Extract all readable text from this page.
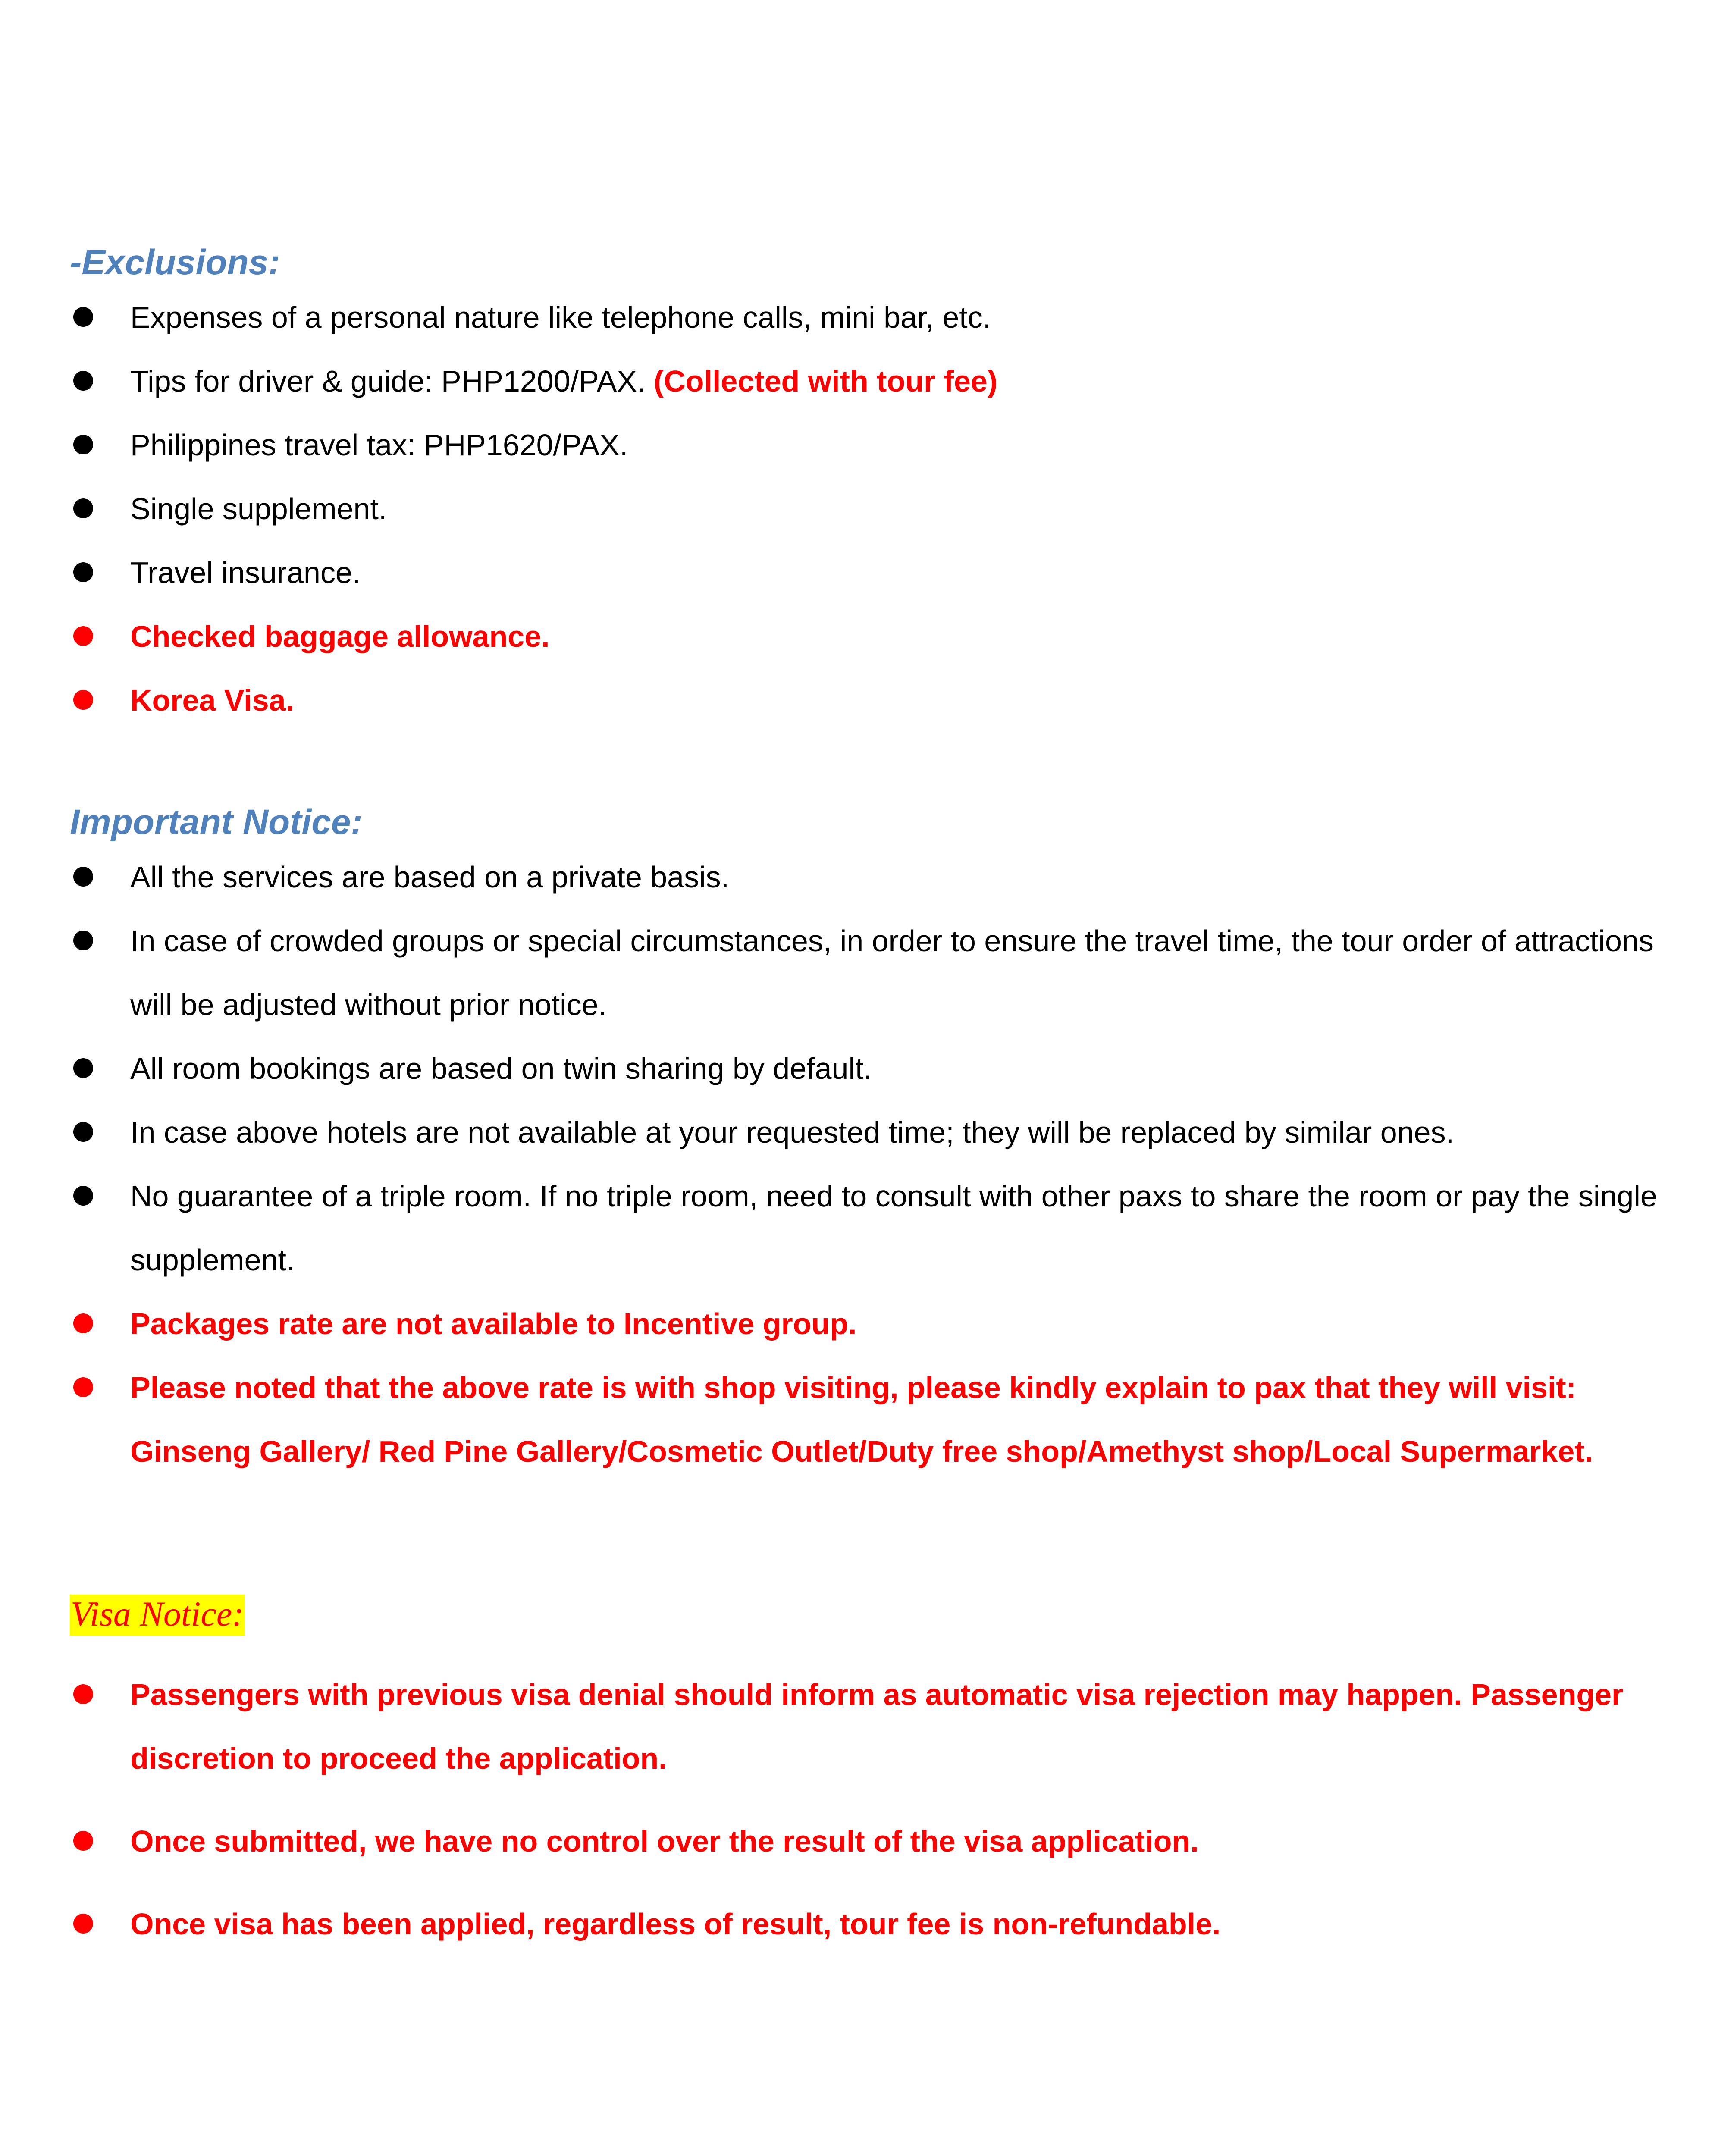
-Exclusions:
Expenses of a personal nature like telephone calls, mini bar, etc.
Tips for driver & guide: PHP1200/PAX. (Collected with tour fee)
Philippines travel tax: PHP1620/PAX.
Single supplement.
Travel insurance.
Checked baggage allowance.
Korea Visa.
Important Notice:
All the services are based on a private basis.
In case of crowded groups or special circumstances, in order to ensure the travel time, the tour order of attractions will be adjusted without prior notice.
All room bookings are based on twin sharing by default.
In case above hotels are not available at your requested time; they will be replaced by similar ones.
No guarantee of a triple room. If no triple room, need to consult with other paxs to share the room or pay the single supplement.
Packages rate are not available to Incentive group.
Please noted that the above rate is with shop visiting, please kindly explain to pax that they will visit: Ginseng Gallery/ Red Pine Gallery/Cosmetic Outlet/Duty free shop/Amethyst shop/Local Supermarket.
Visa Notice:
Passengers with previous visa denial should inform as automatic visa rejection may happen. Passenger discretion to proceed the application.
Once submitted, we have no control over the result of the visa application.
Once visa has been applied, regardless of result, tour fee is non-refundable.
